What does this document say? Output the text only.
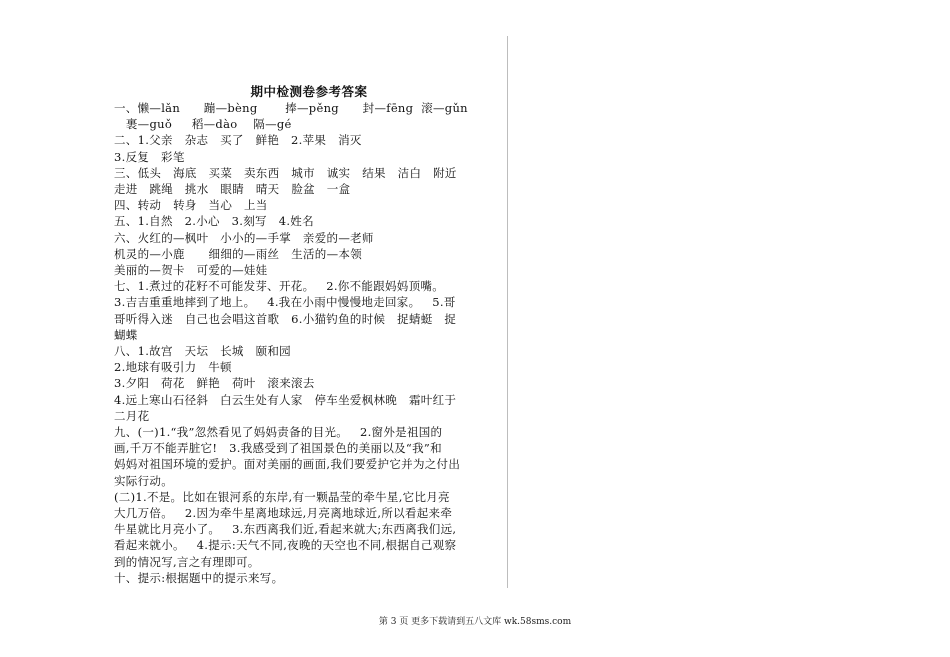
期中检测卷参考答案
一、懒—lǎn      蹦—bèng       捧—pěng      封—fēng  滚—gǔn
裹—guǒ     稻—dào    隔—gé
二、1.父亲   杂志   买了   鲜艳   2.苹果   消灭
3.反复   彩笔
三、低头   海底   买菜   卖东西   城市   诚实   结果   洁白   附近
走进   跳绳   挑水   眼睛   晴天   脸盆   一盒
四、转动   转身   当心   上当
五、1.自然   2.小心   3.刻写   4.姓名
六、火红的—枫叶   小小的—手掌   亲爱的—老师
机灵的—小鹿      细细的—雨丝   生活的—本领
美丽的—贺卡   可爱的—娃娃
七、1.煮过的花籽不可能发芽、开花。   2.你不能跟妈妈顶嘴。
3.吉吉重重地摔到了地上。   4.我在小雨中慢慢地走回家。   5.哥
哥听得入迷   自己也会唱这首歌   6.小猫钓鱼的时候   捉蜻蜓   捉
蝴蝶
八、1.故宫   天坛   长城   颐和园
2.地球有吸引力   牛顿
3.夕阳   荷花   鲜艳   荷叶   滚来滚去
4.远上寒山石径斜   白云生处有人家   停车坐爱枫林晚   霜叶红于
二月花
九、(一)1.“我”忽然看见了妈妈责备的目光。   2.窗外是祖国的
画,千万不能弄脏它!   3.我感受到了祖国景色的美丽以及“我”和
妈妈对祖国环境的爱护。面对美丽的画面,我们要爱护它并为之付出
实际行动。
(二)1.不是。比如在银河系的东岸,有一颗晶莹的牵牛星,它比月亮
大几万倍。   2.因为牵牛星离地球远,月亮离地球近,所以看起来牵
牛星就比月亮小了。   3.东西离我们近,看起来就大;东西离我们远,
看起来就小。   4.提示:天气不同,夜晚的天空也不同,根据自己观察
到的情况写,言之有理即可。
十、提示:根据题中的提示来写。
第 3 页 更多下载请到五八文库 wk.58sms.com
